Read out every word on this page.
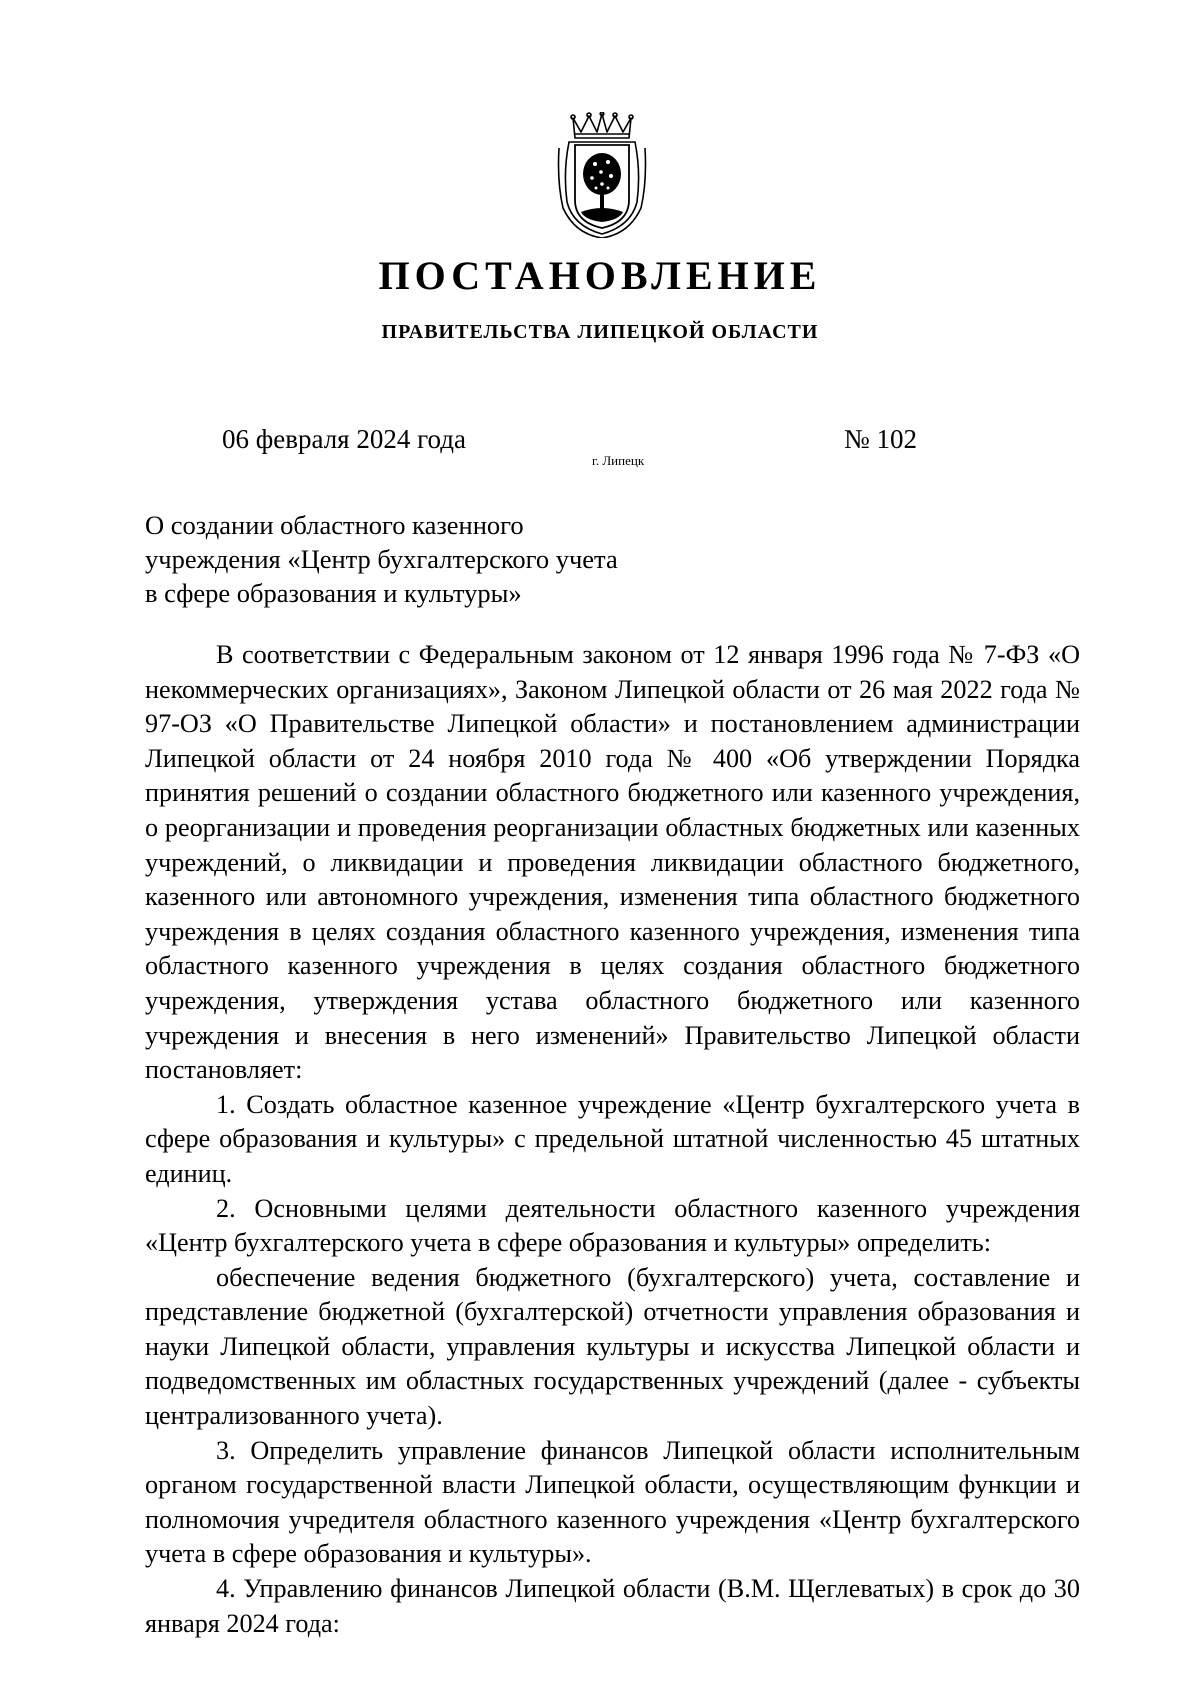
ПОСТАНОВЛЕНИЕ
ПРАВИТЕЛЬСТВА ЛИПЕЦКОЙ ОБЛАСТИ
06 февраля 2024 года
г. Липецк
№ 102
О создании областного казенного
учреждения «Центр бухгалтерского учета
в сфере образования и культуры»

В соответствии с Федеральным законом от 12 января 1996 года № 7-ФЗ «О некоммерческих организациях», Законом Липецкой области от 26 мая 2022 года № 97-ОЗ «О Правительстве Липецкой области» и постановлением администрации Липецкой области от 24 ноября 2010 года № 400 «Об утверждении Порядка принятия решений о создании областного бюджетного или казенного учреждения, о реорганизации и проведения реорганизации областных бюджетных или казенных учреждений, о ликвидации и проведения ликвидации областного бюджетного, казенного или автономного учреждения, изменения типа областного бюджетного учреждения в целях создания областного казенного учреждения, изменения типа областного казенного учреждения в целях создания областного бюджетного учреждения, утверждения устава областного бюджетного или казенного учреждения и внесения в него изменений» Правительство Липецкой области постановляет:

1. Создать областное казенное учреждение «Центр бухгалтерского учета в сфере образования и культуры» с предельной штатной численностью 45 штатных единиц.

2. Основными целями деятельности областного казенного учреждения «Центр бухгалтерского учета в сфере образования и культуры» определить:

обеспечение ведения бюджетного (бухгалтерского) учета, составление и представление бюджетной (бухгалтерской) отчетности управления образования и науки Липецкой области, управления культуры и искусства Липецкой области и подведомственных им областных государственных учреждений (далее - субъекты централизованного учета).

3. Определить управление финансов Липецкой области исполнительным органом государственной власти Липецкой области, осуществляющим функции и полномочия учредителя областного казенного учреждения «Центр бухгалтерского учета в сфере образования и культуры».

4. Управлению финансов Липецкой области (В.М. Щеглеватых) в срок до 30 января 2024 года:
